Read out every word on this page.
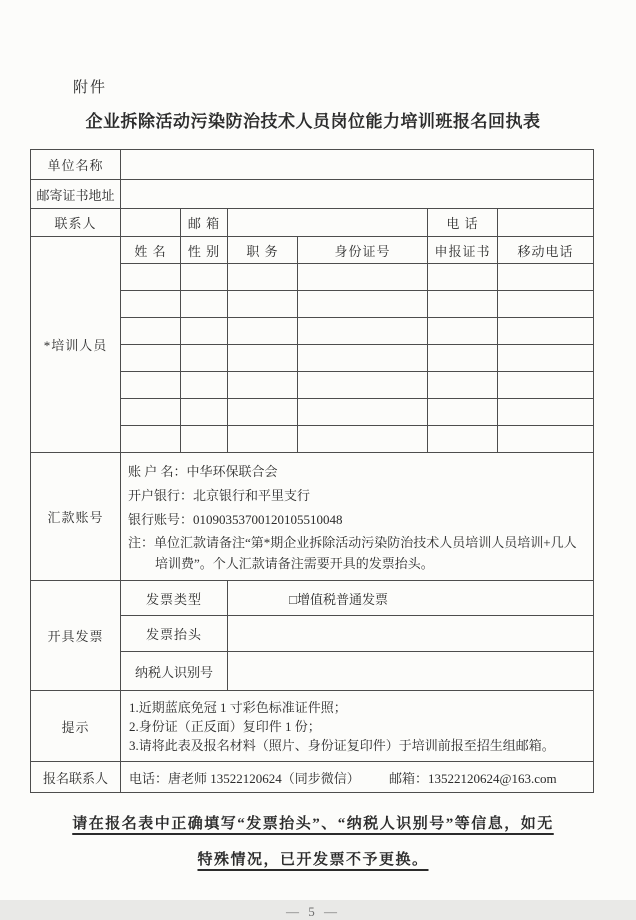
附件
企业拆除活动污染防治技术人员岗位能力培训班报名回执表
单位名称						
邮寄证书地址						
联系人		邮 箱			电 话	
*培训人员	姓 名	性 别	职 务	身份证号	申报证书	移动电话

汇款账号	账 户 名：中华环保联合会
开户银行：北京银行和平里支行
银行账号：01090353700120105510048
注：单位汇款请备注“第*期企业拆除活动污染防治技术人员培训人员培训+几人
培训费”。个人汇款请备注需要开具的发票抬头。					

开具发票	发票类型		□增值税普通发票			
	发票抬头					
	纳税人识别号					
提示	1.近期蓝底免冠 1 寸彩色标准证件照；
2.身份证（正反面）复印件 1 份；
3.请将此表及报名材料（照片、身份证复印件）于培训前报至招生组邮箱。					

报名联系人	电话：唐老师 13522120624（同步微信） 邮箱：13522120624@163.com					
请在报名表中正确填写“发票抬头”、“纳税人识别号”等信息，如无
特殊情况，已开发票不予更换。
— 5 —
